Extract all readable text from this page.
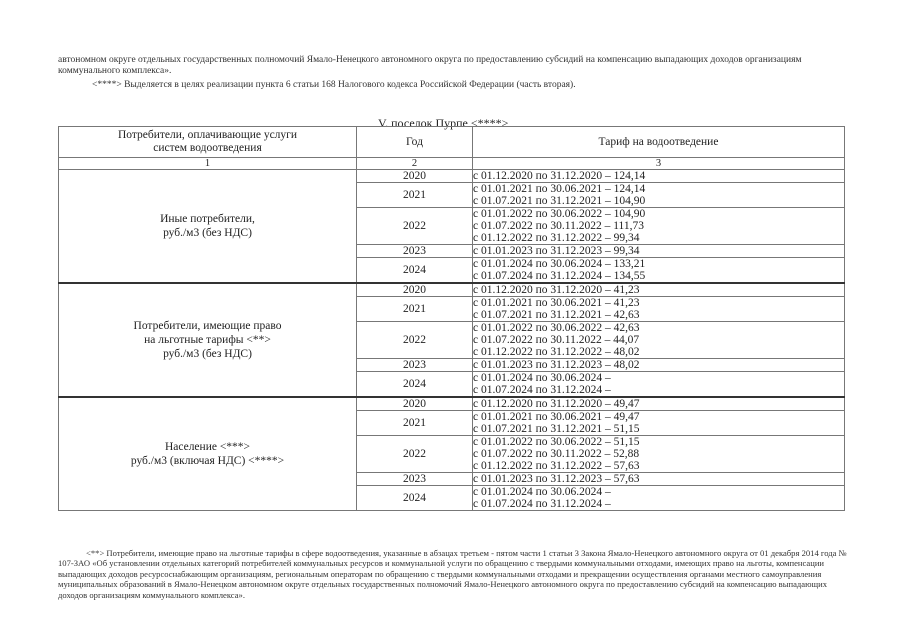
автономном округе отдельных государственных полномочий Ямало-Ненецкого автономного округа по предоставлению субсидий на компенсацию выпадающих доходов организациям коммунального комплекса».
<****> Выделяется в целях реализации пункта 6 статьи 168 Налогового кодекса Российской Федерации (часть вторая).
V. поселок Пурпе <****>
Потребители, оплачивающие услуги систем водоотведения	Год	Тариф на водоотведение
1	2	3

Иные потребители,
руб./м3 (без НДС)	2020	с 01.12.2020 по 31.12.2020 – 124,14

	2021	с 01.01.2021 по 30.06.2021 – 124,14
с 01.07.2021 по 31.12.2021 – 104,90

	2022	с 01.01.2022 по 30.06.2022 – 104,90
с 01.07.2022 по 30.11.2022 – 111,73
с 01.12.2022 по 31.12.2022 – 99,34

	2023	с 01.01.2023 по 31.12.2023 – 99,34

	2024	с 01.01.2024 по 30.06.2024 – 133,21
с 01.07.2024 по 31.12.2024 – 134,55

Потребители, имеющие право
на льготные тарифы <**>
руб./м3 (без НДС)	2020	с 01.12.2020 по 31.12.2020 – 41,23

	2021	с 01.01.2021 по 30.06.2021 – 41,23
с 01.07.2021 по 31.12.2021 – 42,63

	2022	с 01.01.2022 по 30.06.2022 – 42,63
с 01.07.2022 по 30.11.2022 – 44,07
с 01.12.2022 по 31.12.2022 – 48,02

	2023	с 01.01.2023 по 31.12.2023 – 48,02

	2024	с 01.01.2024 по 30.06.2024 –
с 01.07.2024 по 31.12.2024 –

Население <***>
руб./м3 (включая НДС) <****>	2020	с 01.12.2020 по 31.12.2020 – 49,47

	2021	с 01.01.2021 по 30.06.2021 – 49,47
с 01.07.2021 по 31.12.2021 – 51,15

	2022	с 01.01.2022 по 30.06.2022 – 51,15
с 01.07.2022 по 30.11.2022 – 52,88
с 01.12.2022 по 31.12.2022 – 57,63

	2023	с 01.01.2023 по 31.12.2023 – 57,63

	2024	с 01.01.2024 по 30.06.2024 –
с 01.07.2024 по 31.12.2024 –
<**> Потребители, имеющие право на льготные тарифы в сфере водоотведения, указанные в абзацах третьем - пятом части 1 статьи 3 Закона Ямало-Ненецкого автономного округа от 01 декабря 2014 года № 107-ЗАО «Об установлении отдельных категорий потребителей коммунальных ресурсов и коммунальной услуги по обращению с твердыми коммунальными отходами, имеющих право на льготы, компенсации выпадающих доходов ресурсоснабжающим организациям, региональным операторам по обращению с твердыми коммунальными отходами и прекращении осуществления органами местного самоуправления муниципальных образований в Ямало-Ненецком автономном округе отдельных государственных полномочий Ямало-Ненецкого автономного округа по предоставлению субсидий на компенсацию выпадающих доходов организациям коммунального комплекса».
